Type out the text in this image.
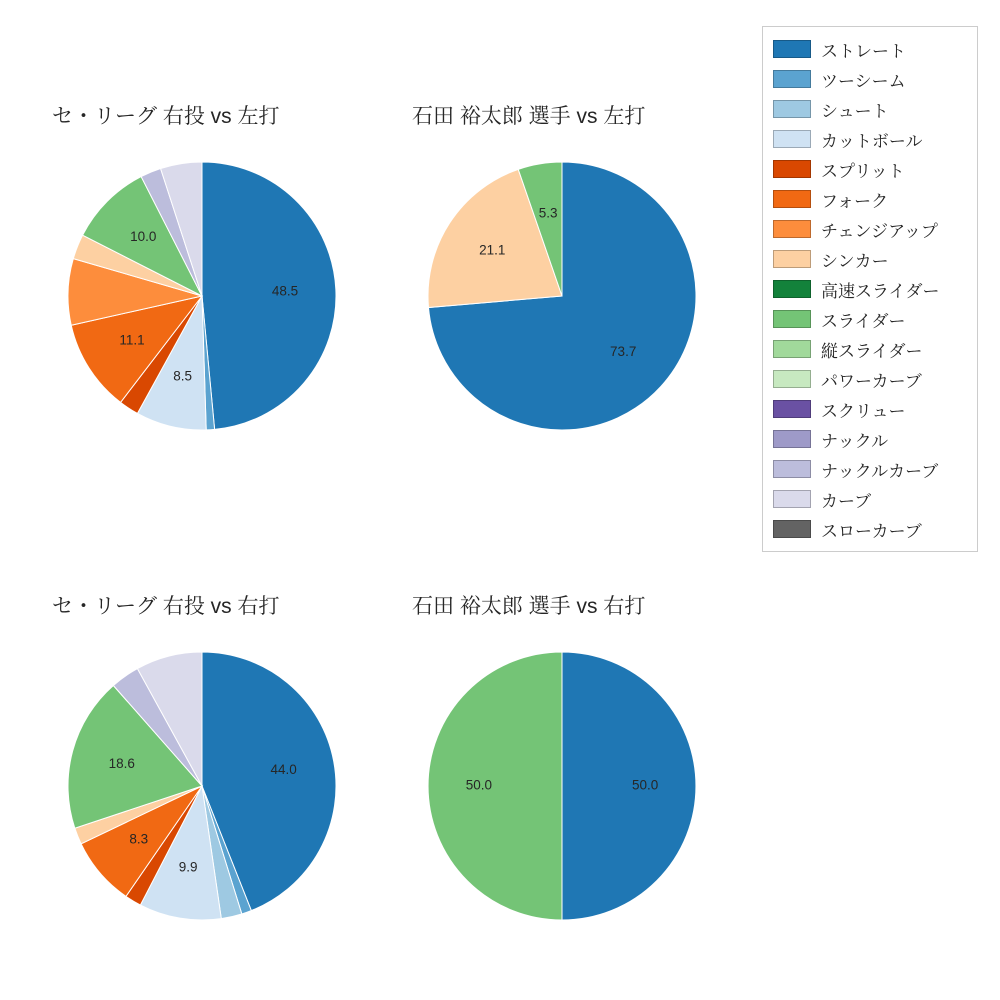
セ・リーグ 右投 vs 左打
48.5
8.5
11.1
10.0
石田 裕太郎 選手 vs 左打
73.7
21.1
5.3
セ・リーグ 右投 vs 右打
44.0
9.9
8.3
18.6
石田 裕太郎 選手 vs 右打
50.0
50.0
ストレート
ツーシーム
シュート
カットボール
スプリット
フォーク
チェンジアップ
シンカー
高速スライダー
スライダー
縦スライダー
パワーカーブ
スクリュー
ナックル
ナックルカーブ
カーブ
スローカーブ
